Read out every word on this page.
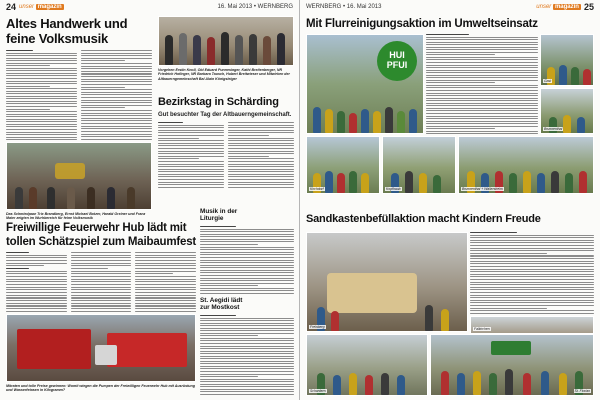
24 unser magazin	16. Mai 2013 • WERNBERG
Altes Handwerk und
feine Volksmusik
Das Schmiedpaar Trix Brandberg, Ernst Michael Botzer, Harald Greiner und Franz Maier zeigten im Wurhbereich für feine Volksmusik
Vorgehen Erstin Knoll, Obl Eduard Punnesinger, Kathi Breitenberger, NR Friedrich Hofinger, NR Barbara Tausch, Hubert Breitwieser und Mitwirken der Altbauerngemeinschaft Bal Alain Königsleiger
Bezirkstag in Schärding
Gut besuchter Tag der Altbauerngemeinschaft.
Freiwillige Feuerwehr Hub lädt mit
tollen Schätzspiel zum Maibaumfest
Mitraten und tolle Preise gewinnen: Womit wiegen die Pumpen der Freiwilligen Feuerwehr Hub mit Ausrüstung und Wasserfetasen in Kilogramm?
Musik in der
Liturgie
St. Aegidi lädt
zur Mostkost
WERNBERG • 16. Mai 2013	unser magazin 25
Mit Flurreinigungsaktion im Umweltseinsatz
HUI
PFUI
Gast
Brunnenthal
Kirchdorf	Kopfhaub	Brunnenthal + Wallersheim
Sandkastenbefüllaktion macht Kindern Freude
Freinberg	Falkirchen
Schardern	St. Florian
